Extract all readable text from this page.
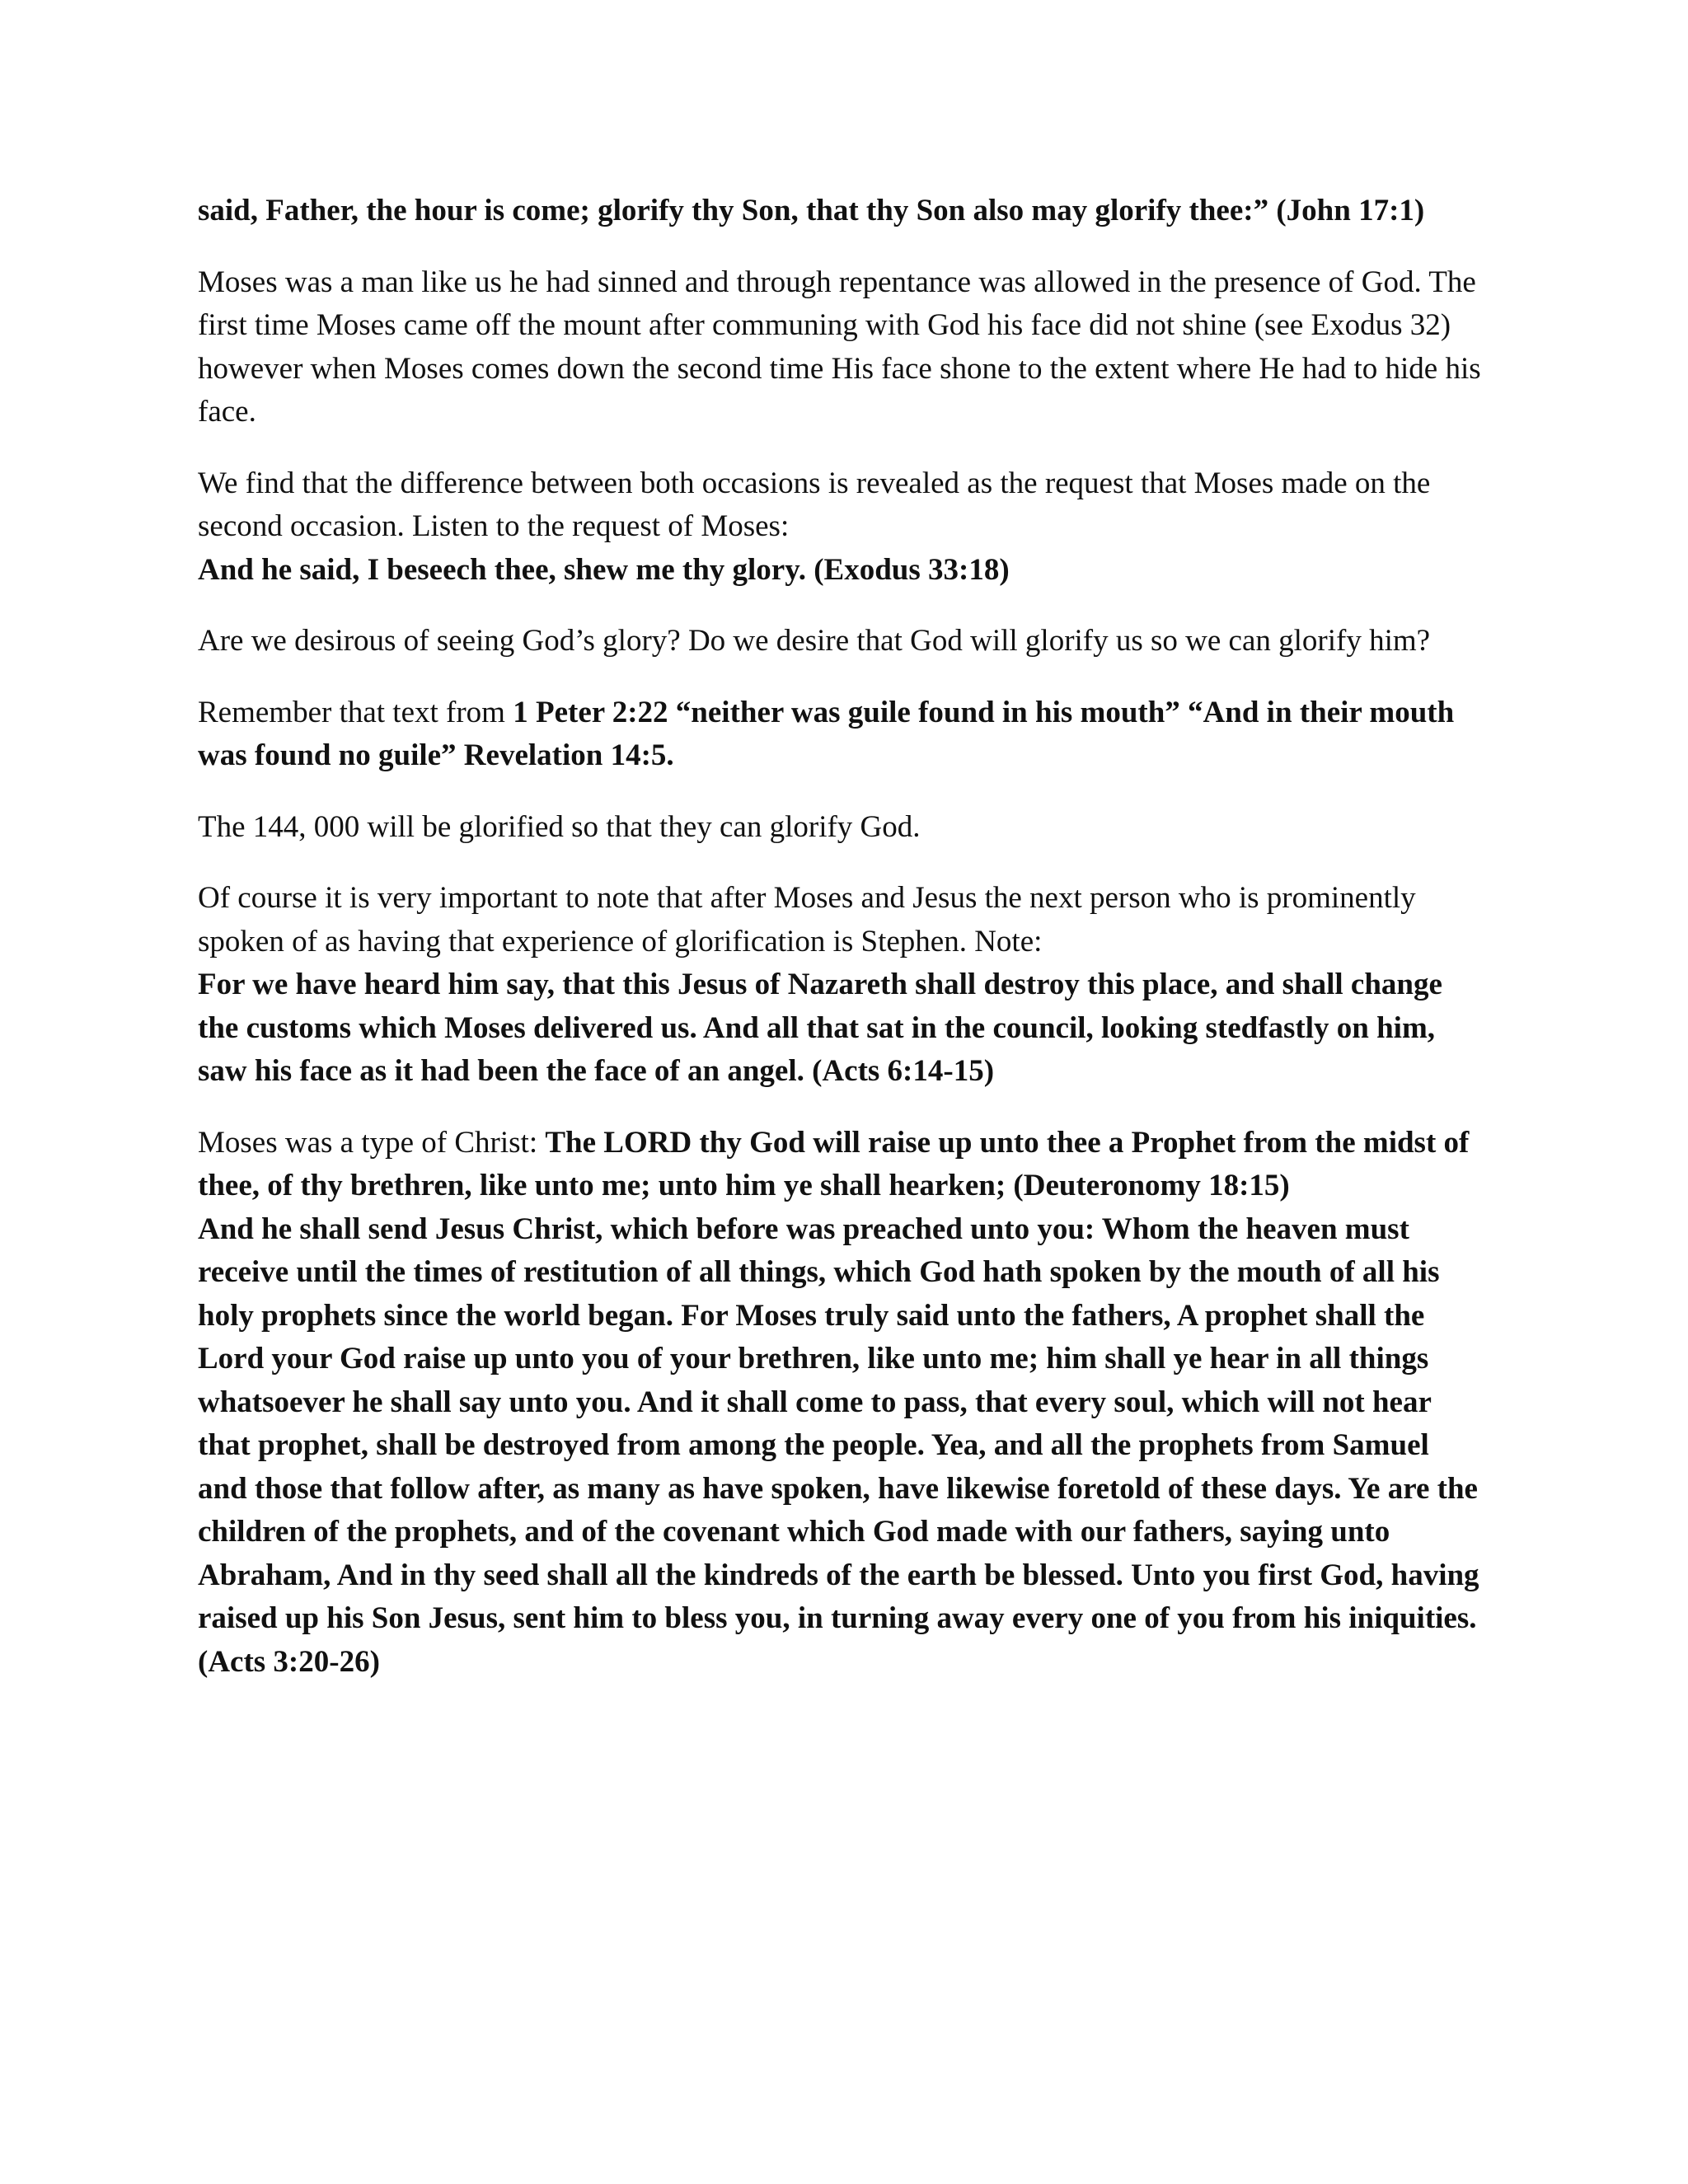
said, Father, the hour is come; glorify thy Son, that thy Son also may glorify thee:” (John 17:1)

Moses was a man like us he had sinned and through repentance was allowed in the presence of God. The first time Moses came off the mount after communing with God his face did not shine (see Exodus 32) however when Moses comes down the second time His face shone to the extent where He had to hide his face.

We find that the difference between both occasions is revealed as the request that Moses made on the second occasion. Listen to the request of Moses:
And he said, I beseech thee, shew me thy glory. (Exodus 33:18)

Are we desirous of seeing God’s glory? Do we desire that God will glorify us so we can glorify him?

Remember that text from 1 Peter 2:22 “neither was guile found in his mouth” “And in their mouth was found no guile” Revelation 14:5.

The 144, 000 will be glorified so that they can glorify God.

Of course it is very important to note that after Moses and Jesus the next person who is prominently spoken of as having that experience of glorification is Stephen. Note:
For we have heard him say, that this Jesus of Nazareth shall destroy this place, and shall change the customs which Moses delivered us. And all that sat in the council, looking stedfastly on him, saw his face as it had been the face of an angel. (Acts 6:14-15)

Moses was a type of Christ: The LORD thy God will raise up unto thee a Prophet from the midst of thee, of thy brethren, like unto me; unto him ye shall hearken; (Deuteronomy 18:15)

And he shall send Jesus Christ, which before was preached unto you: Whom the heaven must receive until the times of restitution of all things, which God hath spoken by the mouth of all his holy prophets since the world began. For Moses truly said unto the fathers, A prophet shall the Lord your God raise up unto you of your brethren, like unto me; him shall ye hear in all things whatsoever he shall say unto you. And it shall come to pass, that every soul, which will not hear that prophet, shall be destroyed from among the people. Yea, and all the prophets from Samuel and those that follow after, as many as have spoken, have likewise foretold of these days. Ye are the children of the prophets, and of the covenant which God made with our fathers, saying unto Abraham, And in thy seed shall all the kindreds of the earth be blessed. Unto you first God, having raised up his Son Jesus, sent him to bless you, in turning away every one of you from his iniquities. (Acts 3:20-26)
